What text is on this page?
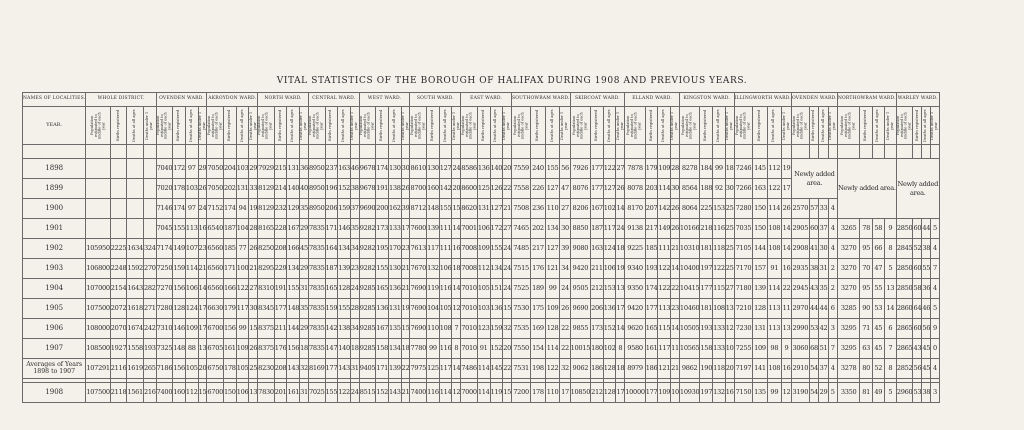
VITAL STATISTICS OF THE BOROUGH OF HALIFAX DURING 1908 AND PREVIOUS YEARS.
NAMES OF LOCALITIES.	WHOLE DISTRICT.	OVENDEN WARD.	AKROYDON WARD.	NORTH WARD.	CENTRAL WARD.	WEST WARD.	SOUTH WARD.	EAST WARD.	SOUTHOWRAM WARD.	SKIRCOAT WARD.	ELLAND WARD.	KINGSTON WARD.	ILLINGWORTH WARD.	OVENDEN WARD.	NORTHOWRAM WARD.	WARLEY WARD.
YEAR.	Population estimated to middle of each year	Births registered	Deaths at all ages	Deaths under 1 year	Population estimated to middle of each year	Births registered	Deaths at all ages	Deaths under 1 year	Population estimated to middle of each year	Births registered	Deaths at all ages	Deaths under 1 year	Population estimated to middle of each year	Births registered	Deaths at all ages	Deaths under 1 year	Population estimated to middle of each year	Births registered	Deaths at all ages	Deaths under 1 year	Population estimated to middle of each year	Births registered	Deaths at all ages	Deaths under 1 year	Population estimated to middle of each year	Births registered	Deaths at all ages	Deaths under 1 year	Population estimated to middle of each year	Births registered	Deaths at all ages	Deaths under 1 year	Population estimated to middle of each year	Births registered	Deaths at all ages	Deaths under 1 year	Population estimated to middle of each year	Births registered	Deaths at all ages	Deaths under 1 year	Population estimated to middle of each year	Births registered	Deaths at all ages	Deaths under 1 year	Population estimated to middle of each year	Births registered	Deaths at all ages	Deaths under 1 year	Population estimated to middle of each year	Births registered	Deaths at all ages	Deaths under 1 year	Population estimated to middle of each year	Births registered	Deaths at all ages	Deaths under 1 year	Population estimated to middle of each year	Births registered	Deaths at all ages	Deaths under 1 year	Population estimated to middle of each year	Births registered	Deaths at all ages	Deaths under 1 year

1898					7040	172	97	29	7050	204	103	29	7929	215	131	36	8950	237	163	46	9678	174	130	30	8610	130	127	24	8586	136	140	20	7559	240	155	56	7926	177	122	27	7878	179	109	28	8278	184	99	18	7246	145	112	19	Newly added area.	Newly added area.	Newly added area.
1899					7020	178	103	26	7050	202	131	33	8129	214	140	40	8950	196	152	38	9678	191	138	26	8700	160	142	20	8600	125	126	22	7558	226	127	47	8076	177	127	26	8078	203	114	30	8564	188	92	30	7266	163	122	17
1900					7146	174	97	24	7152	174	94	19	8129	232	129	35	8950	206	159	37	9690	200	162	39	8712	148	155	15	8620	131	127	21	7508	236	110	27	8206	167	102	14	8170	207	142	26	8064	225	153	25	7280	150	114	26	2570	57	33	4
1901					7045	155	113	16	6540	187	104	28	8165	228	167	29	7835	171	146	35	9282	173	133	17	7600	139	111	14	7001	106	172	27	7465	202	134	30	8850	187	117	24	9138	217	149	26	10166	218	116	25	7035	150	108	14	2905	60	37	4	3265	78	58	9	2850	60	44	5
1902	105950	2225	1634	324	7174	149	107	23	6560	185	77	26	8250	208	166	45	7835	164	134	34	9282	195	170	23	7613	117	111	16	7008	109	155	24	7485	217	127	39	9080	163	124	18	9225	185	111	21	10310	181	118	25	7105	144	108	14	2908	41	30	4	3270	95	66	8	2845	52	38	4
1903	106800	2248	1592	270	7250	159	114	21	6560	171	100	21	8295	229	134	29	7835	187	139	23	9282	155	130	21	7670	132	106	18	7008	112	134	24	7515	176	121	34	9420	211	106	19	9340	193	122	14	10400	197	122	25	7170	157	91	16	2935	38	31	2	3270	70	47	5	2850	60	55	7
1904	107000	2154	1643	282	7270	156	106	14	6560	166	122	27	8310	191	155	31	7835	165	128	24	9285	165	136	21	7690	119	116	14	7010	105	151	24	7525	189	99	24	9505	212	153	13	9350	174	122	22	10415	177	115	27	7180	139	114	22	2945	43	35	2	3270	95	55	13	2850	58	36	4
1905	107500	2072	1618	271	7280	128	124	17	6630	179	117	30	8345	177	148	35	7835	159	155	28	9285	136	131	19	7690	104	105	12	7010	103	136	15	7530	175	109	26	9690	206	136	17	9420	177	113	23	10460	181	108	13	7210	128	113	11	2970	44	44	6	3285	90	53	14	2860	64	46	5
1906	108000	2070	1674	242	7310	146	109	17	6700	156	99	15	8375	211	144	29	7835	142	138	34	9285	167	135	15	7690	110	108	7	7010	123	159	32	7535	169	128	22	9855	173	152	14	9620	165	115	14	10505	193	133	12	7230	131	113	13	2990	53	42	3	3295	71	45	6	2865	60	56	9
1907	108500	1927	1558	193	7325	148	88	13	6705	161	109	26	8375	176	156	18	7835	147	140	18	9285	158	134	18	7780	99	116	8	7010	91	152	20	7550	154	114	22	10015	180	102	8	9580	161	117	11	10565	158	133	10	7255	109	98	9	3060	68	51	7	3295	63	45	7	2865	43	45	0
Averages of Years 1898 to 1907	107291	2116	1619	265	7186	156	105	20	6750	178	105	25	8230	208	143	32	8169	177	143	31	9405	171	139	22	7975	125	117	14	7486	114	145	22	7531	198	122	32	9062	186	128	18	8979	186	121	21	9862	190	118	20	7197	141	108	16	2910	54	37	4	3278	80	52	8	2852	56	45	4

1908	107500	2118	1561	216	7400	160	112	15	6700	150	106	13	7830	201	161	31	7025	155	122	24	8515	152	143	21	7400	116	114	12	7000	114	119	15	7200	178	110	17	10850	212	128	17	10000	177	109	10	10930	197	132	16	7150	135	99	12	3190	54	29	5	3350	81	49	5	2960	53	38	3
